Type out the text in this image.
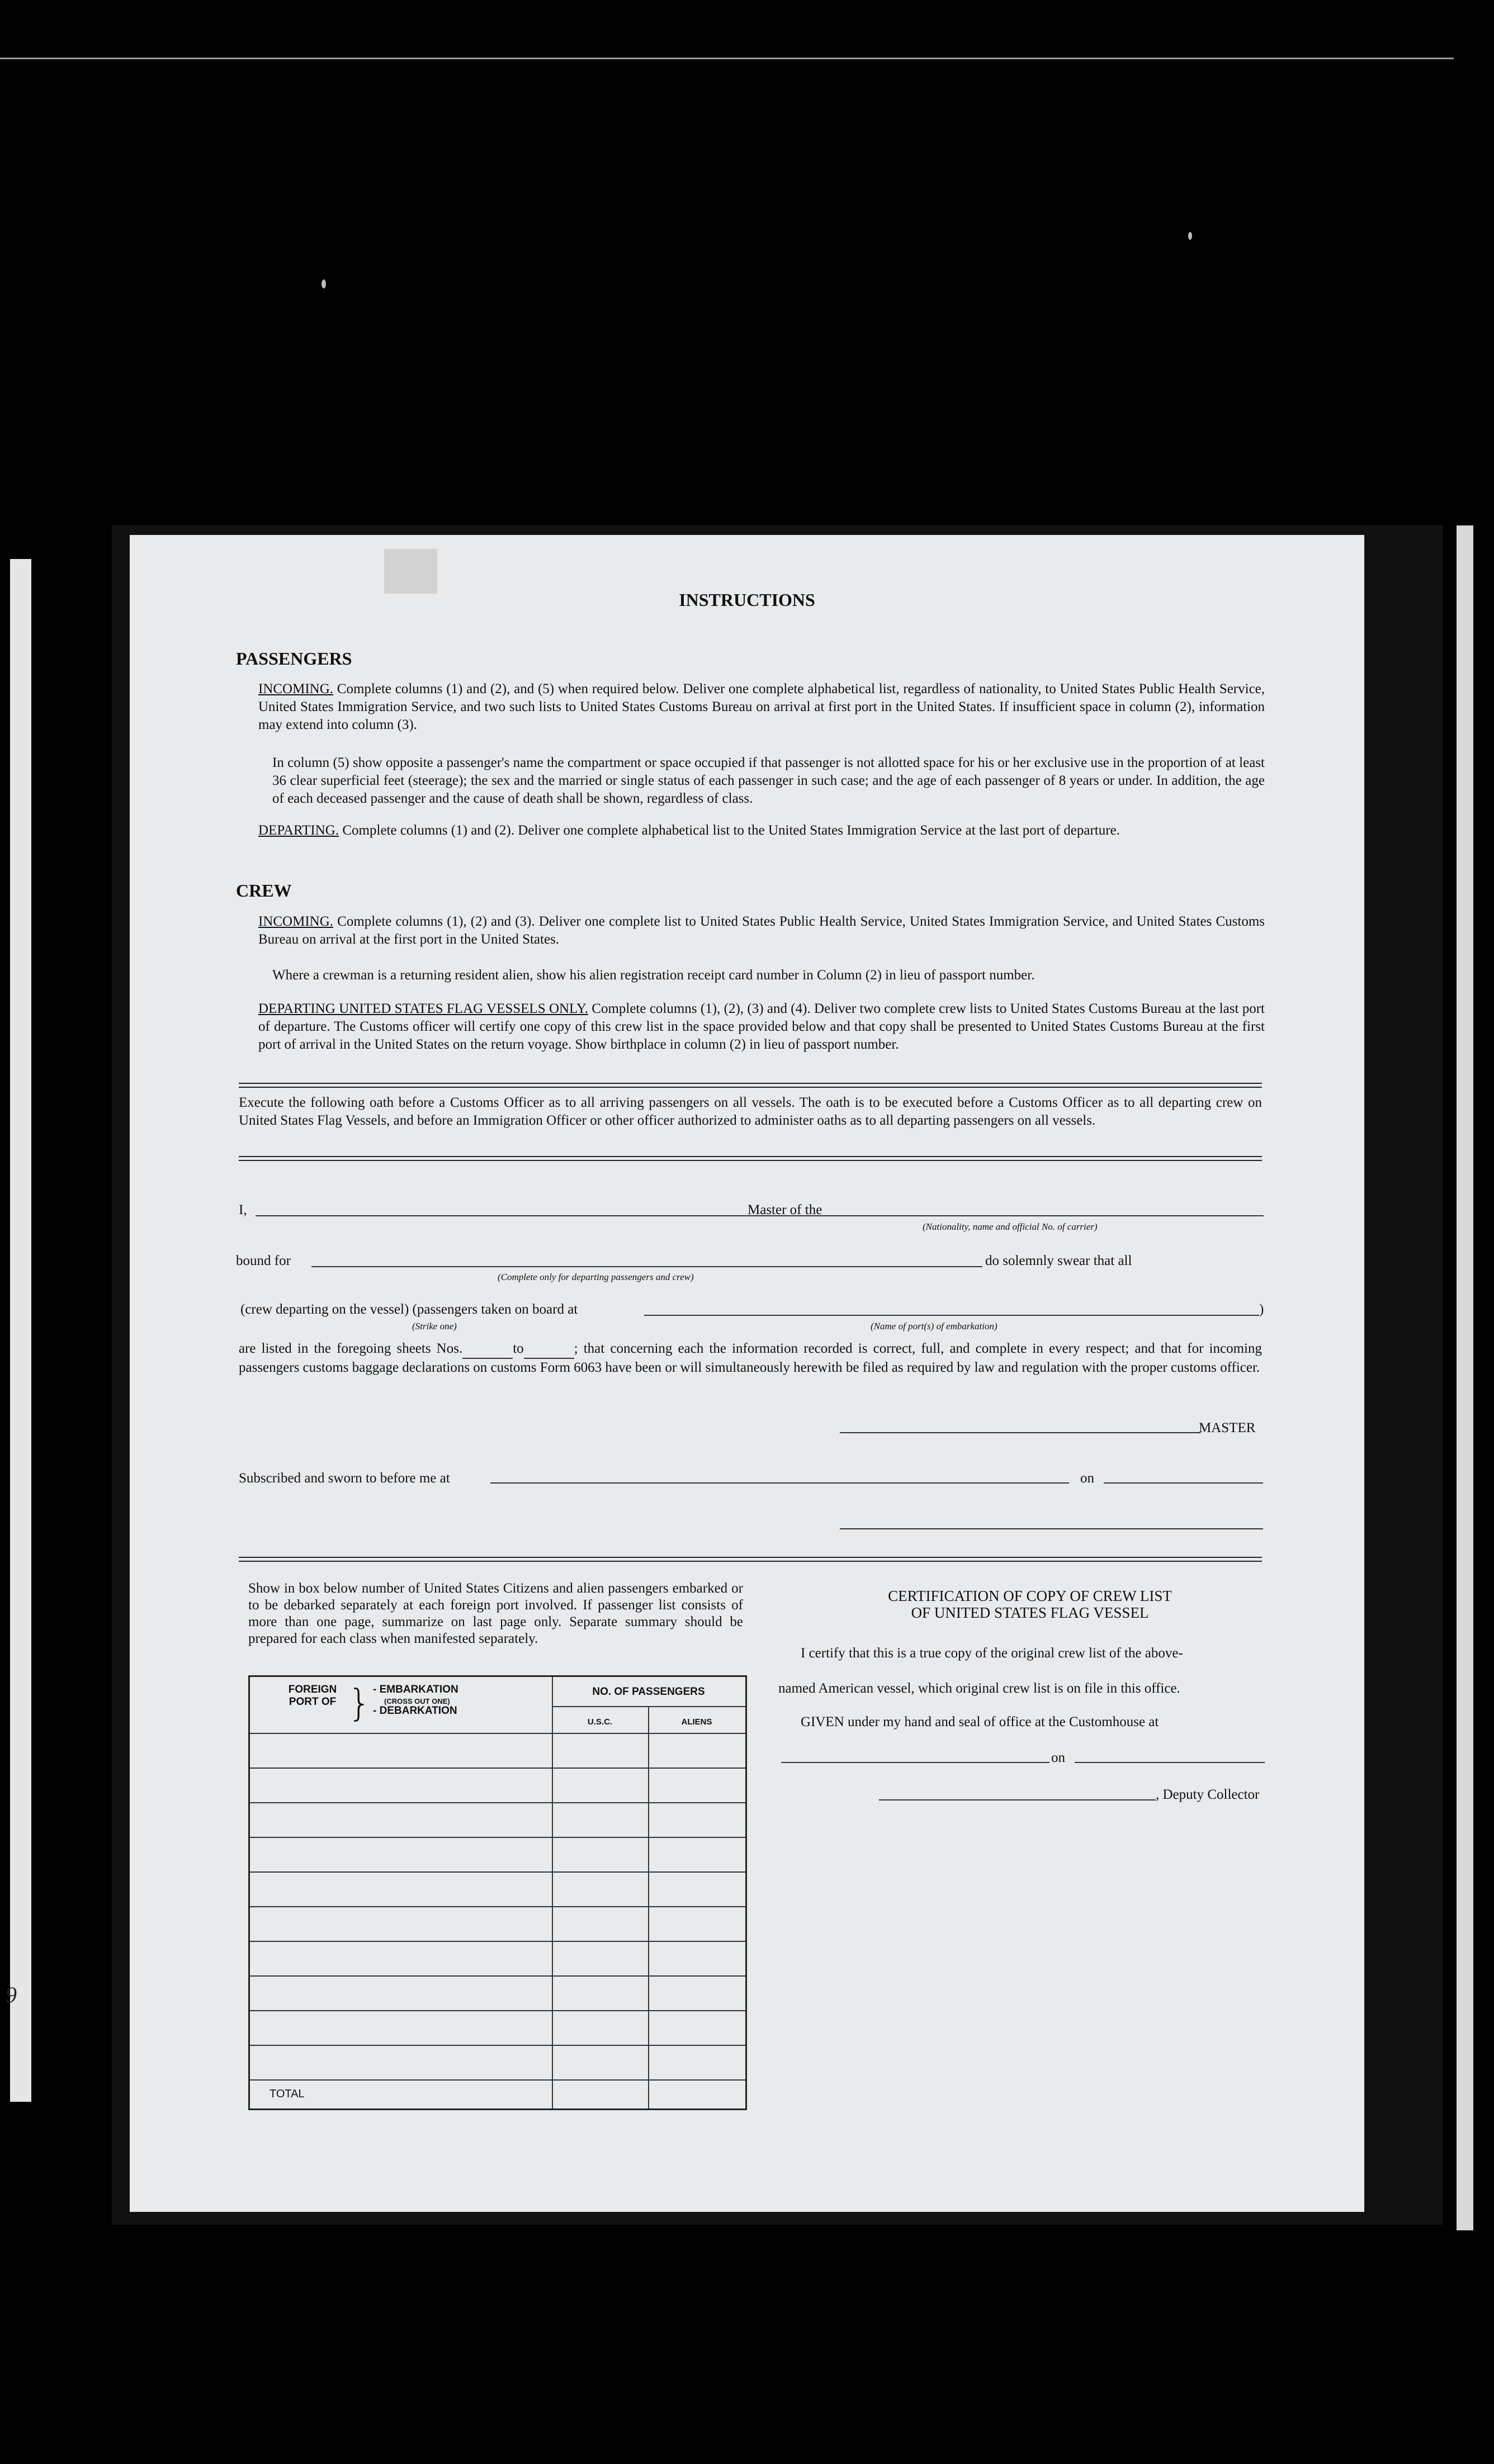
9
INSTRUCTIONS
PASSENGERS
INCOMING. Complete columns (1) and (2), and (5) when required below. Deliver one complete alphabetical list, regardless of nationality, to United States Public Health Service, United States Immigration Service, and two such lists to United States Customs Bureau on arrival at first port in the United States. If insufficient space in column (2), information may extend into column (3).
In column (5) show opposite a passenger's name the compartment or space occupied if that passenger is not allotted space for his or her exclusive use in the proportion of at least 36 clear superficial feet (steerage); the sex and the married or single status of each passenger in such case; and the age of each passenger of 8 years or under. In addition, the age of each deceased passenger and the cause of death shall be shown, regardless of class.
DEPARTING. Complete columns (1) and (2). Deliver one complete alphabetical list to the United States Immigration Service at the last port of departure.
CREW
INCOMING. Complete columns (1), (2) and (3). Deliver one complete list to United States Public Health Service, United States Immigration Service, and United States Customs Bureau on arrival at the first port in the United States.
Where a crewman is a returning resident alien, show his alien registration receipt card number in Column (2) in lieu of passport number.
DEPARTING UNITED STATES FLAG VESSELS ONLY. Complete columns (1), (2), (3) and (4). Deliver two complete crew lists to United States Customs Bureau at the last port of departure. The Customs officer will certify one copy of this crew list in the space provided below and that copy shall be presented to United States Customs Bureau at the first port of arrival in the United States on the return voyage. Show birthplace in column (2) in lieu of passport number.
Execute the following oath before a Customs Officer as to all arriving passengers on all vessels. The oath is to be executed before a Customs Officer as to all departing crew on United States Flag Vessels, and before an Immigration Officer or other officer authorized to administer oaths as to all departing passengers on all vessels.
I,	Master of the
(Nationality, name and official No. of carrier)
bound for	do solemnly swear that all
(Complete only for departing passengers and crew)
(crew departing on the vessel) (passengers taken on board at	)
(Strike one)	(Name of port(s) of embarkation)
are listed in the foregoing sheets Nos.	to	; that concerning each the information recorded is correct, full, and complete in every respect; and that for incoming passengers customs baggage declarations on customs Form 6063 have been or will simultaneously herewith be filed as required by law and regulation with the proper customs officer.
MASTER
Subscribed and sworn to before me at	on
Show in box below number of United States Citizens and alien passengers embarked or to be debarked separately at each foreign port involved. If passenger list consists of more than one page, summarize on last page only. Separate summary should be prepared for each class when manifested separately.
FOREIGN PORT OF } - EMBARKATION
(CROSS OUT ONE)
- DEBARKATION
NO. OF PASSENGERS
U.S.C.	ALIENS
TOTAL
CERTIFICATION OF COPY OF CREW LIST
OF UNITED STATES FLAG VESSEL
I certify that this is a true copy of the original crew list of the above-
named American vessel, which original crew list is on file in this office.
GIVEN under my hand and seal of office at the Customhouse at
on
, Deputy Collector
